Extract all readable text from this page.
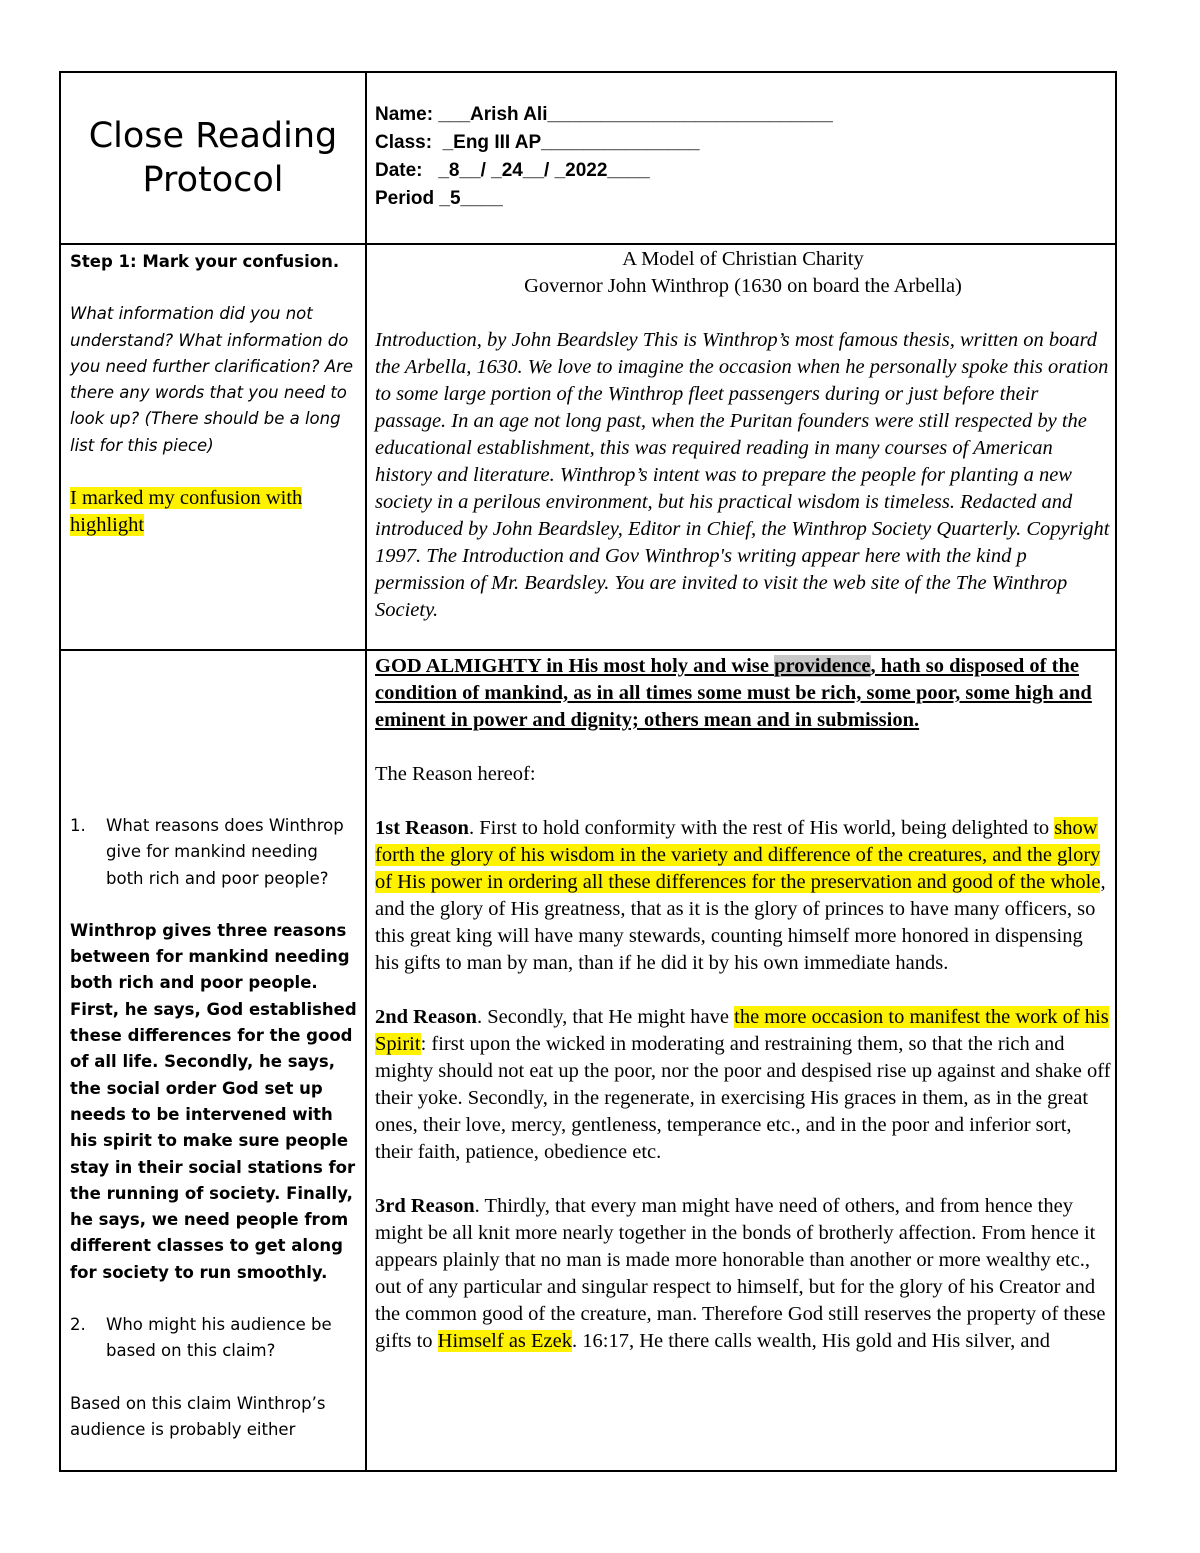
Close Reading
Protocol
Name: ___Arish Ali___________________________
Class:  _Eng III AP_______________
Date:   _8__/ _24__/ _2022____
Period _5____

Step 1: Mark your confusion.

What information did you not understand? What information do you need further clarification? Are there any words that you need to look up? (There should be a long list for this piece)

I marked my confusion with highlight

A Model of Christian Charity

Governor John Winthrop (1630 on board the Arbella)

Introduction, by John Beardsley This is Winthrop’s most famous thesis, written on board the Arbella, 1630. We love to imagine the occasion when he personally spoke this oration to some large portion of the Winthrop fleet passengers during or just before their passage. In an age not long past, when the Puritan founders were still respected by the educational establishment, this was required reading in many courses of American history and literature. Winthrop’s intent was to prepare the people for planting a new society in a perilous environment, but his practical wisdom is timeless. Redacted and introduced by John Beardsley, Editor in Chief, the Winthrop Society Quarterly. Copyright 1997. The Introduction and Gov Winthrop's writing appear here with the kind p permission of Mr. Beardsley. You are invited to visit the web site of the The Winthrop Society.

1.	What reasons does Winthrop give for mankind needing both rich and poor people?

Winthrop gives three reasons between for mankind needing both rich and poor people. First, he says, God established these differences for the good of all life. Secondly, he says, the social order God set up needs to be intervened with his spirit to make sure people stay in their social stations for the running of society. Finally, he says, we need people from different classes to get along for society to run smoothly.

2.	Who might his audience be based on this claim?

Based on this claim Winthrop’s audience is probably either

GOD ALMIGHTY in His most holy and wise providence, hath so disposed of the condition of mankind, as in all times some must be rich, some poor, some high and eminent in power and dignity; others mean and in submission.

The Reason hereof:

1st Reason. First to hold conformity with the rest of His world, being delighted to show forth the glory of his wisdom in the variety and difference of the creatures, and the glory of His power in ordering all these differences for the preservation and good of the whole, and the glory of His greatness, that as it is the glory of princes to have many officers, so this great king will have many stewards, counting himself more honored in dispensing his gifts to man by man, than if he did it by his own immediate hands.

2nd Reason. Secondly, that He might have the more occasion to manifest the work of his Spirit: first upon the wicked in moderating and restraining them, so that the rich and mighty should not eat up the poor, nor the poor and despised rise up against and shake off their yoke. Secondly, in the regenerate, in exercising His graces in them, as in the great ones, their love, mercy, gentleness, temperance etc., and in the poor and inferior sort, their faith, patience, obedience etc.

3rd Reason. Thirdly, that every man might have need of others, and from hence they might be all knit more nearly together in the bonds of brotherly affection. From hence it appears plainly that no man is made more honorable than another or more wealthy etc., out of any particular and singular respect to himself, but for the glory of his Creator and the common good of the creature, man. Therefore God still reserves the property of these gifts to Himself as Ezek. 16:17, He there calls wealth, His gold and His silver, and
